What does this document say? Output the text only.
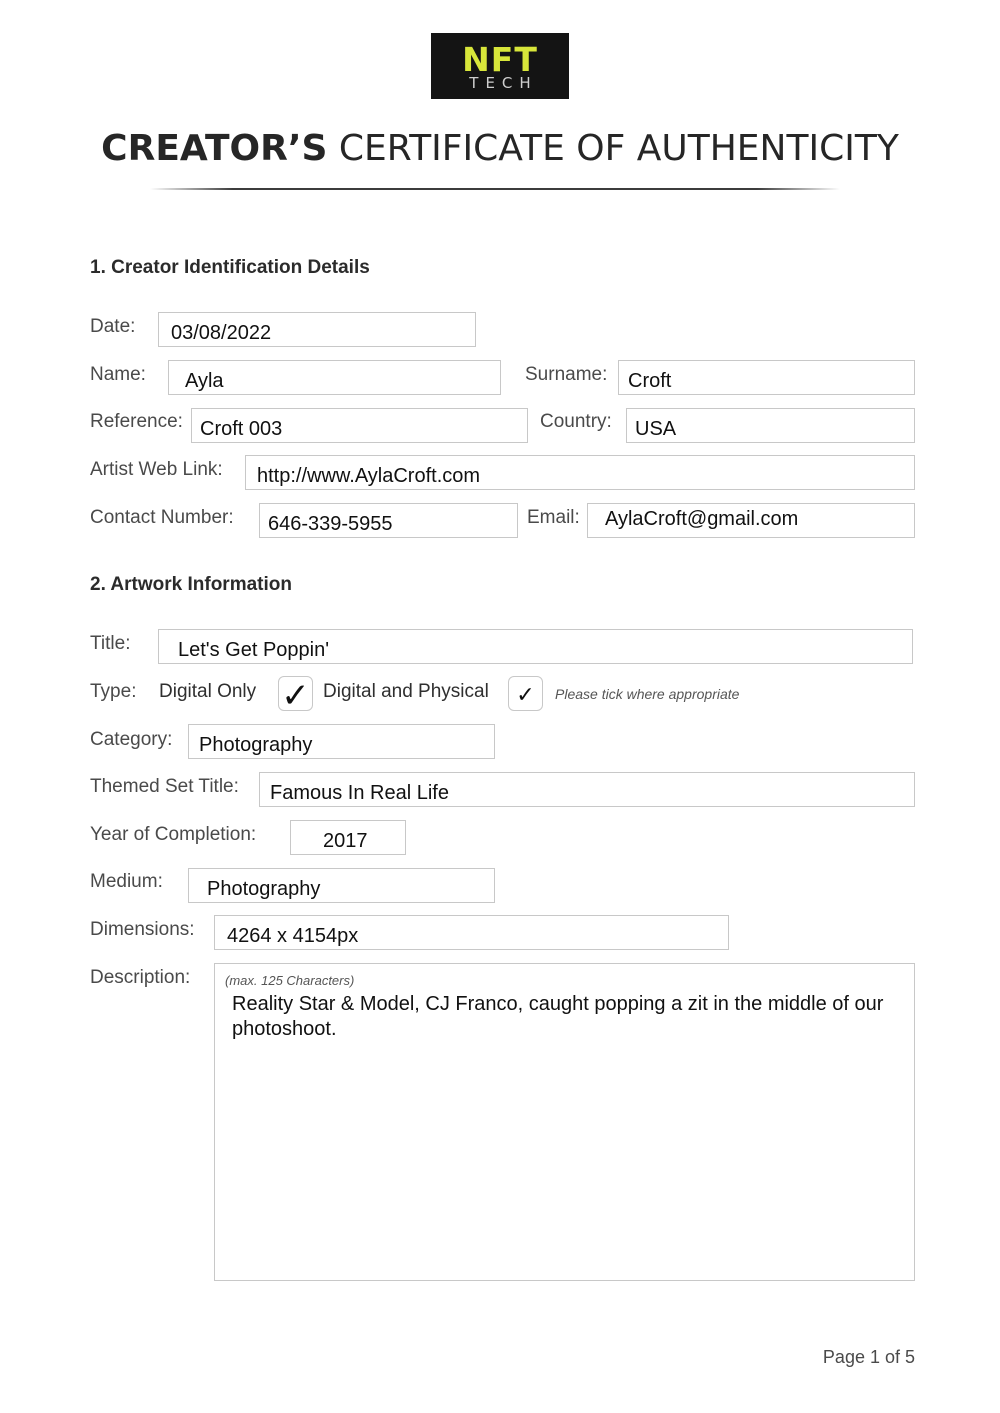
NFT
TECH
CREATOR’S CERTIFICATE OF AUTHENTICITY
1. Creator Identification Details
Date:	03/08/2022
Name:	Ayla	Surname:	Croft
Reference: Croft 003	Country:	USA
Artist Web Link:	http://www.AylaCroft.com
Contact Number:	646-339-5955	Email:	AylaCroft@gmail.com
2. Artwork Information
Title:	Let's Get Poppin'
Type: Digital Only ✓ Digital and Physical	✓	Please tick where appropriate
Category:	Photography
Themed Set Title:	Famous In Real Life
Year of Completion:	2017
Medium:	Photography
Dimensions:	4264 x 4154px
Description:	(max. 125 Characters)
Reality Star & Model, CJ Franco, caught popping a zit in the middle of our photoshoot.
Page 1 of 5
